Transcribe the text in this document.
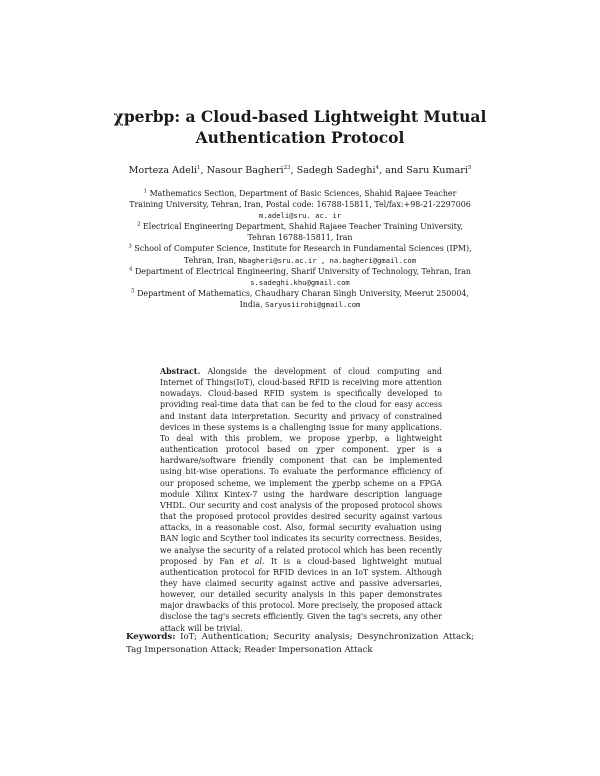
χperbp: a Cloud-based Lightweight Mutual
Authentication Protocol
Morteza Adeli$^1$, Nasour Bagheri$^{23}$, Sadegh Sadeghi$^4$, and Saru Kumari$^5$
$^1$ Mathematics Section, Department of Basic Sciences, Shahid Rajaee Teacher Training University, Tehran, Iran, Postal code: 16788-15811, Tel/fax:+98-21-2297006 m.adeli@sru. ac. ir
$^2$ Electrical Engineering Department, Shahid Rajaee Teacher Training University, Tehran 16788-15811, Iran
$^3$ School of Computer Science, Institute for Research in Fundamental Sciences (IPM), Tehran, Iran, Nbagheri@sru.ac.ir , na.bagheri@gmail.com
$^4$ Department of Electrical Engineering, Sharif University of Technology, Tehran, Iran s.sadeghi.khu@gmail.com
$^5$ Department of Mathematics, Chaudhary Charan Singh University, Meerut 250004, India, Saryusiirohi@gmail.com
Abstract. Alongside the development of cloud computing and Internet of Things(IoT), cloud-based RFID is receiving more attention nowadays. Cloud-based RFID system is specifically developed to providing real-time data that can be fed to the cloud for easy access and instant data interpretation. Security and privacy of constrained devices in these systems is a challenging issue for many applications. To deal with this problem, we propose χperbp, a lightweight authentication protocol based on χper component. χper is a hardware/software friendly component that can be implemented using bit-wise operations. To evaluate the performance efficiency of our proposed scheme, we implement the χperbp scheme on a FPGA module Xilinx Kintex-7 using the hardware description language VHDL. Our security and cost analysis of the proposed protocol shows that the proposed protocol provides desired security against various attacks, in a reasonable cost. Also, formal security evaluation using BAN logic and Scyther tool indicates its security correctness. Besides, we analyse the security of a related protocol which has been recently proposed by Fan et al. It is a cloud-based lightweight mutual authentication protocol for RFID devices in an IoT system. Although they have claimed security against active and passive adversaries, however, our detailed security analysis in this paper demonstrates major drawbacks of this protocol. More precisely, the proposed attack disclose the tag's secrets efficiently. Given the tag's secrets, any other attack will be trivial.
Keywords: IoT; Authentication; Security analysis; Desynchronization Attack; Tag Impersonation Attack; Reader Impersonation Attack
